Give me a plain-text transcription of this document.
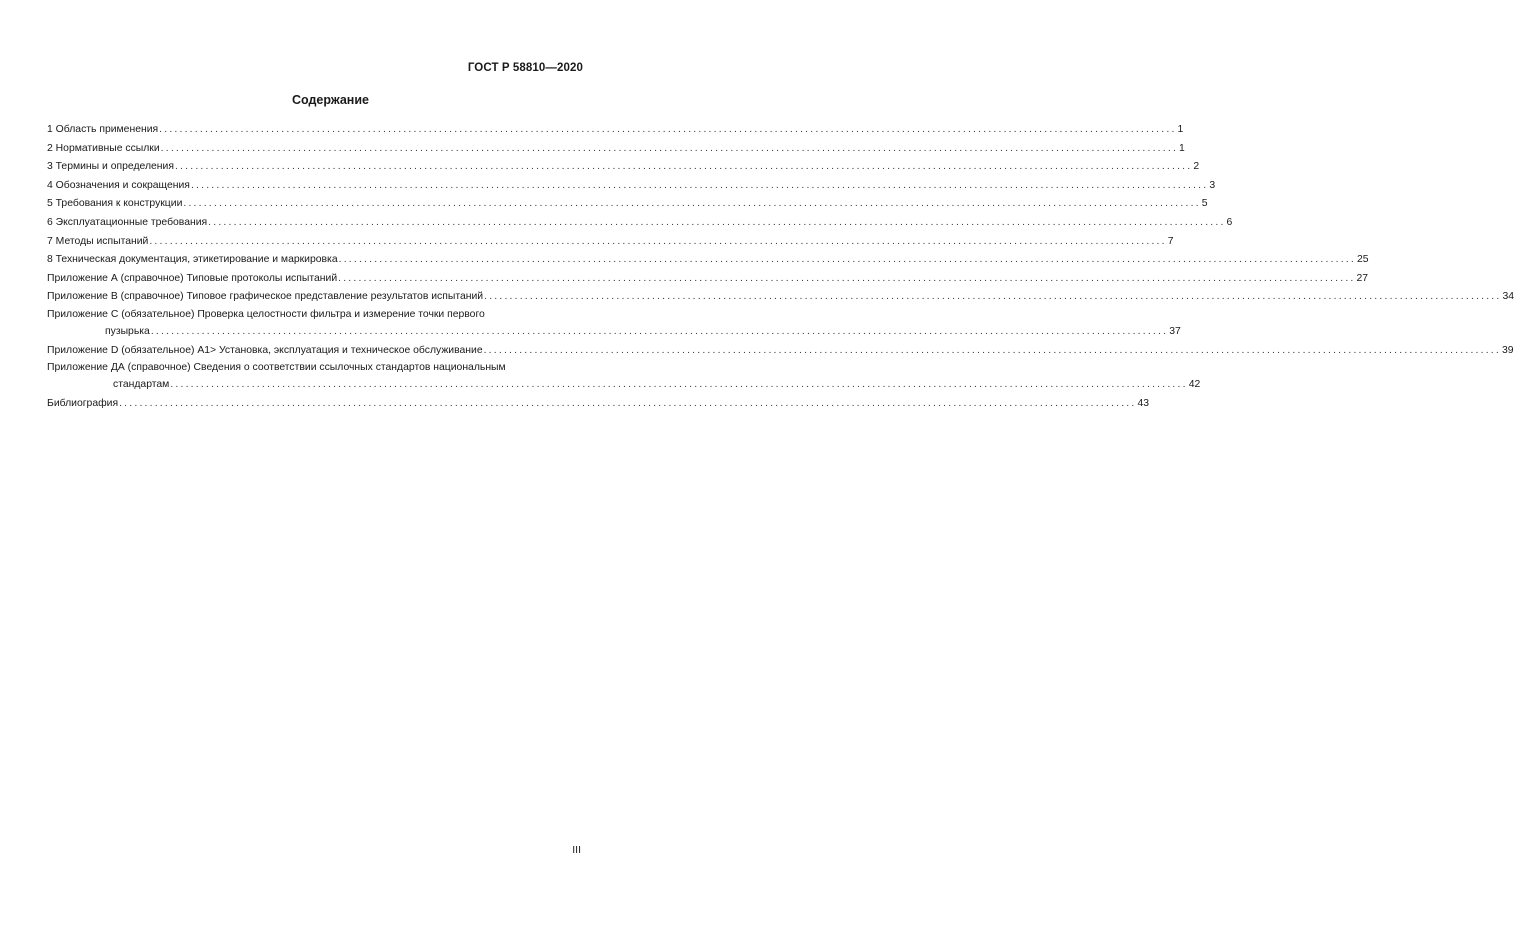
ГОСТ Р 58810—2020
Содержание
1 Область применения ........................................................................................................................................................................................................ 1
2 Нормативные ссылки ........................................................................................................................................................................................................ 1
3 Термины и определения ........................................................................................................................................................................................................ 2
4 Обозначения и сокращения ........................................................................................................................................................................................................ 3
5 Требования к конструкции ........................................................................................................................................................................................................ 5
6 Эксплуатационные требования ........................................................................................................................................................................................................ 6
7 Методы испытаний ........................................................................................................................................................................................................ 7
8 Техническая документация, этикетирование и маркировка ........................................................................................................................................................................................................ 25
Приложение А (справочное) Типовые протоколы испытаний ........................................................................................................................................................................................................ 27
Приложение В (справочное) Типовое графическое представление результатов испытаний ........................................................................................................................................................................................................ 34
Приложение С (обязательное) Проверка целостности фильтра и измерение точки первого
пузырька ........................................................................................................................................................................................................ 37
Приложение D (обязательное) А1> Установка, эксплуатация и техническое обслуживание ........................................................................................................................................................................................................ 39
Приложение ДА (справочное) Сведения о соответствии ссылочных стандартов национальным
стандартам ........................................................................................................................................................................................................ 42
Библиография ........................................................................................................................................................................................................ 43
III
